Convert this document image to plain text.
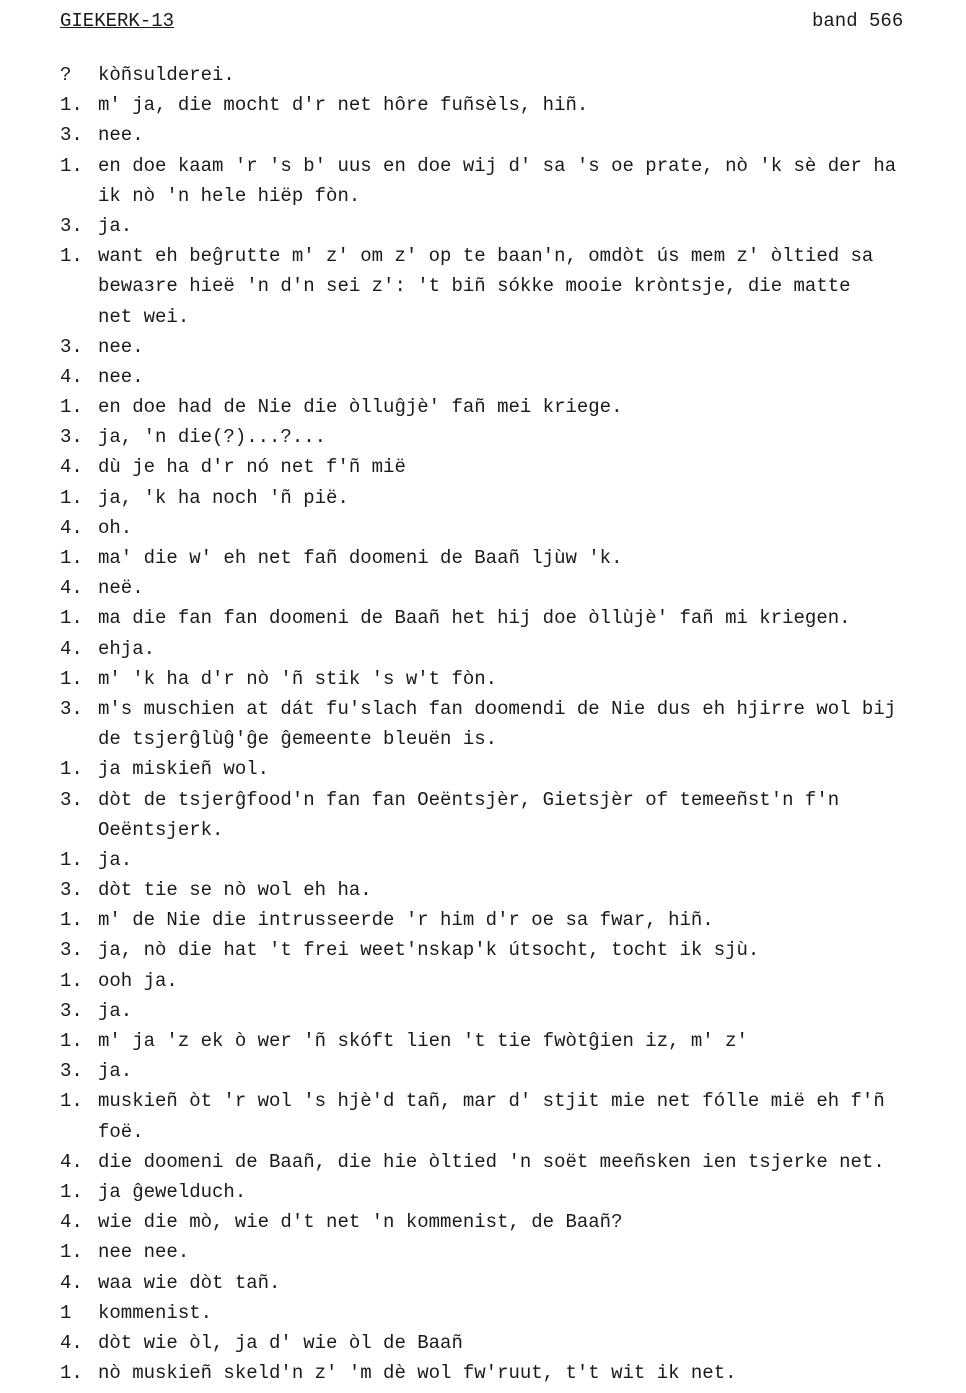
GIEKERK-13	band 566
?	kòñsulderei.
1. m' ja, die mocht d'r net hôre fuñsèls, hiñ.
3. nee.
1. en doe kaam 'r 's b' uus en doe wij d' sa 's oe prate, nò 'k sè der ha
ik nò 'n hele hiëp fòn.
3. ja.
1. want eh beĝrutte m' z' om z' op te baan'n, omdòt ús mem z' òltied sa
bewaзre hieë 'n d'n sei z': 't biñ sókke mooie kròntsje, die matte
net wei.
3. nee.
4. nee.
1. en doe had de Nie die òlluĝjè' fañ mei kriege.
3. ja, 'n die(?)...?...
4. dù je ha d'r nó net f'ñ mië
1. ja, 'k ha noch 'ñ pië.
4. oh.
1. ma' die w' eh net fañ doomeni de Baañ ljùw 'k.
4. neë.
1. ma die fan fan doomeni de Baañ het hij doe òllùjè' fañ mi kriegen.
4. ehja.
1. m' 'k ha d'r nò 'ñ stik 's w't fòn.
3. m's muschien at dát fu'slach fan doomendi de Nie dus eh hjirre wol bij
de tsjerĝlùĝ'ĝe ĝemeente bleuën is.
1. ja miskieñ wol.
3. dòt de tsjerĝfood'n fan fan Oeëntsjèr, Gietsjèr of temeeñst'n f'n
Oeëntsjerk.
1. ja.
3. dòt tie se nò wol eh ha.
1. m' de Nie die intrusseerde 'r him d'r oe sa fwar, hiñ.
3. ja, nò die hat 't frei weet'nskap'k útsocht, tocht ik sjù.
1. ooh ja.
3. ja.
1. m' ja 'z ek ò wer 'ñ skóft lien 't tie fwòtĝien iz, m' z'
3. ja.
1. muskieñ òt 'r wol 's hjè'd tañ, mar d' stjit mie net fólle mië eh f'ñ
foë.
4. die doomeni de Baañ, die hie òltied 'n soët meeñsken ien tsjerke net.
1. ja ĝewelduch.
4. wie die mò, wie d't net 'n kommenist, de Baañ?
1. nee nee.
4. waa wie dòt tañ.
1	kommenist.
4. dòt wie òl, ja d' wie òl de Baañ
1. nò muskieñ skeld'n z' 'm dè wol fw'ruut, t't wit ik net.
